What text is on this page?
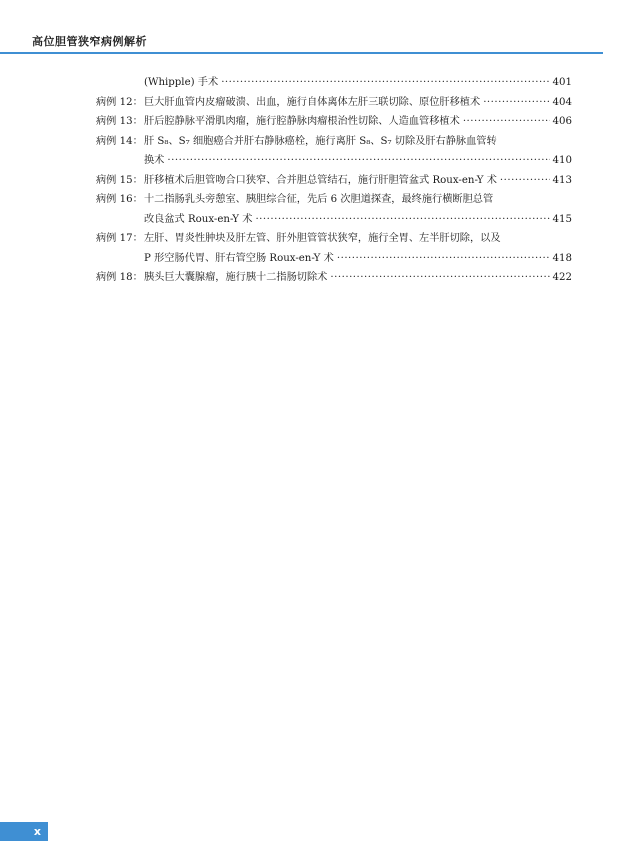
高位胆管狭窄病例解析
(Whipple) 手术 ·····	401
病例 12： 巨大肝血管内皮瘤破溃、出血，施行自体离体左肝三联切除、原位肝移植术 ·····	404
病例 13： 肝后腔静脉平滑肌肉瘤，施行腔静脉肉瘤根治性切除、人造血管移植术 ·····	406
病例 14： 肝 S₈、S₇ 细胞癌合并肝右静脉癌栓，施行离肝 S₈、S₇ 切除及肝右静脉血管转
换术 ·····	410
病例 15： 肝移植术后胆管吻合口狭窄、合并胆总管结石，施行肝胆管盆式 Roux-en-Y 术 ·····	413
病例 16： 十二指肠乳头旁憩室、胰胆综合征，先后 6 次胆道探查，最终施行横断胆总管
改良盆式 Roux-en-Y 术 ·····	415
病例 17： 左肝、胃炎性肿块及肝左管、肝外胆管管状狭窄，施行全胃、左半肝切除，以及
P 形空肠代胃、肝右管空肠 Roux-en-Y 术 ·····	418
病例 18： 胰头巨大囊腺瘤，施行胰十二指肠切除术 ·····	422
x
